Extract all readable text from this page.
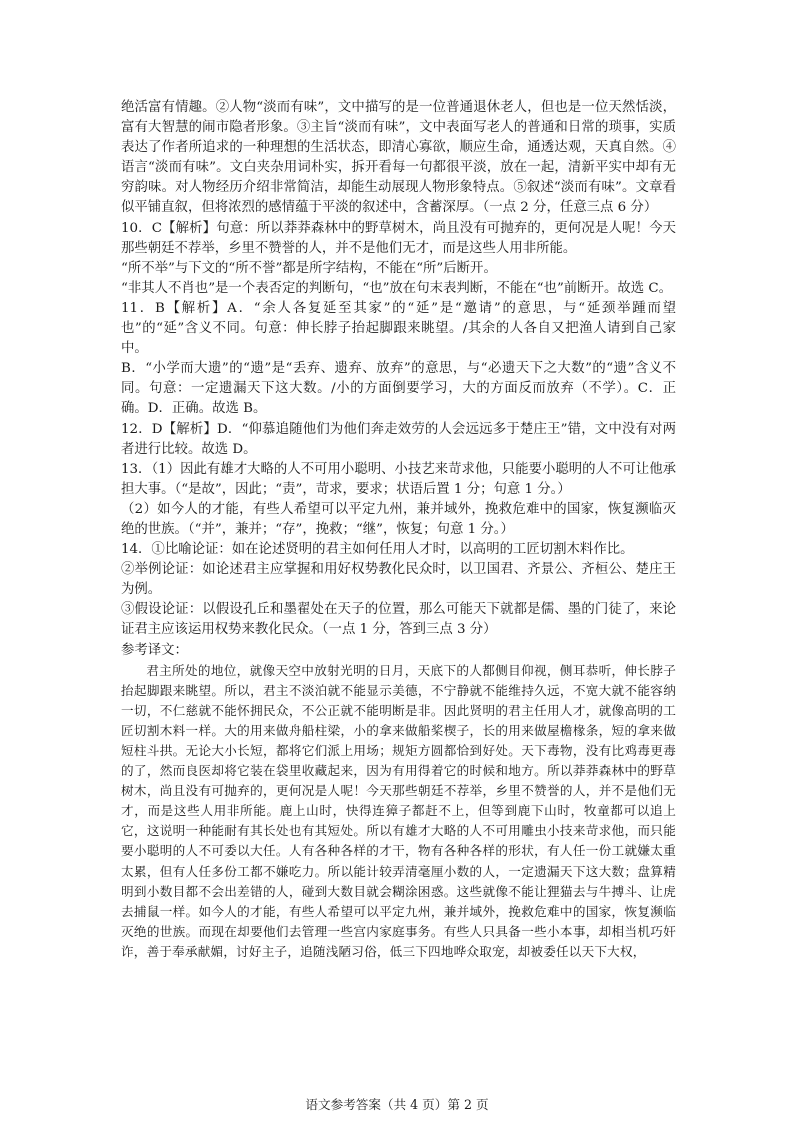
绝活富有情趣。②人物“淡而有味”，文中描写的是一位普通退休老人，但也是一位天然恬淡，富有大智慧的闹市隐者形象。③主旨“淡而有味”，文中表面写老人的普通和日常的琐事，实质表达了作者所追求的一种理想的生活状态，即清心寡欲，顺应生命，通透达观，天真自然。④语言“淡而有味”。文白夹杂用词朴实，拆开看每一句都很平淡，放在一起，清新平实中却有无穷韵味。对人物经历介绍非常简洁，却能生动展现人物形象特点。⑤叙述“淡而有味”。文章看似平铺直叙，但将浓烈的感情蕴于平淡的叙述中，含蓄深厚。（一点 2 分，任意三点 6 分）

10．C【解析】句意：所以莽莽森林中的野草树木，尚且没有可抛弃的，更何况是人呢！今天那些朝廷不荐举，乡里不赞誉的人，并不是他们无才，而是这些人用非所能。

“所不举”与下文的“所不誉”都是所字结构，不能在“所”后断开。

“非其人不肖也”是一个表否定的判断句，“也”放在句末表判断，不能在“也”前断开。故选 C。

11．B【解析】A．“余人各复延至其家”的“延”是“邀请”的意思，与“延颈举踵而望也”的“延”含义不同。句意：伸长脖子抬起脚跟来眺望。/其余的人各自又把渔人请到自己家中。

B．“小学而大遗”的“遗”是“丢弃、遗弃、放弃”的意思，与“必遗天下之大数”的“遗”含义不同。句意：一定遗漏天下这大数。/小的方面倒要学习，大的方面反而放弃（不学）。C．正确。D．正确。故选 B。

12．D【解析】D．“仰慕追随他们为他们奔走效劳的人会远远多于楚庄王”错，文中没有对两者进行比较。故选 D。

13．（1）因此有雄才大略的人不可用小聪明、小技艺来苛求他，只能要小聪明的人不可让他承担大事。（“是故”，因此；“责”，苛求，要求；状语后置 1 分；句意 1 分。）

（2）如今人的才能，有些人希望可以平定九州，兼并域外，挽救危难中的国家，恢复濒临灭绝的世族。（“并”，兼并；“存”，挽救；“继”，恢复；句意 1 分。）

14．①比喻论证：如在论述贤明的君主如何任用人才时，以高明的工匠切割木料作比。

②举例论证：如论述君主应掌握和用好权势教化民众时，以卫国君、齐景公、齐桓公、楚庄王为例。

③假设论证：以假设孔丘和墨翟处在天子的位置，那么可能天下就都是儒、墨的门徒了，来论证君主应该运用权势来教化民众。（一点 1 分，答到三点 3 分）

参考译文：

君主所处的地位，就像天空中放射光明的日月，天底下的人都侧目仰视，侧耳恭听，伸长脖子抬起脚跟来眺望。所以，君主不淡泊就不能显示美德，不宁静就不能维持久远，不宽大就不能容纳一切，不仁慈就不能怀拥民众，不公正就不能明断是非。因此贤明的君主任用人才，就像高明的工匠切割木料一样。大的用来做舟船柱梁，小的拿来做船桨楔子，长的用来做屋檐椽条，短的拿来做短柱斗拱。无论大小长短，都将它们派上用场；规矩方圆都恰到好处。天下毒物，没有比鸡毒更毒的了，然而良医却将它装在袋里收藏起来，因为有用得着它的时候和地方。所以莽莽森林中的野草树木，尚且没有可抛弃的，更何况是人呢！今天那些朝廷不荐举，乡里不赞誉的人，并不是他们无才，而是这些人用非所能。鹿上山时，快得连獐子都赶不上，但等到鹿下山时，牧童都可以追上它，这说明一种能耐有其长处也有其短处。所以有雄才大略的人不可用雕虫小技来苛求他，而只能要小聪明的人不可委以大任。人有各种各样的才干，物有各种各样的形状，有人任一份工就嫌太重太累，但有人任多份工都不嫌吃力。所以能计较弄清毫厘小数的人，一定遗漏天下这大数；盘算精明到小数目都不会出差错的人，碰到大数目就会糊涂困惑。这些就像不能让狸猫去与牛搏斗、让虎去捕鼠一样。如今人的才能，有些人希望可以平定九州，兼并域外，挽救危难中的国家，恢复濒临灭绝的世族。而现在却要他们去管理一些宫内家庭事务。有些人只具备一些小本事，却相当机巧奸诈，善于奉承献媚，讨好主子，追随浅陋习俗，低三下四地哗众取宠，却被委任以天下大权，

语文参考答案（共 4 页）第 2 页
